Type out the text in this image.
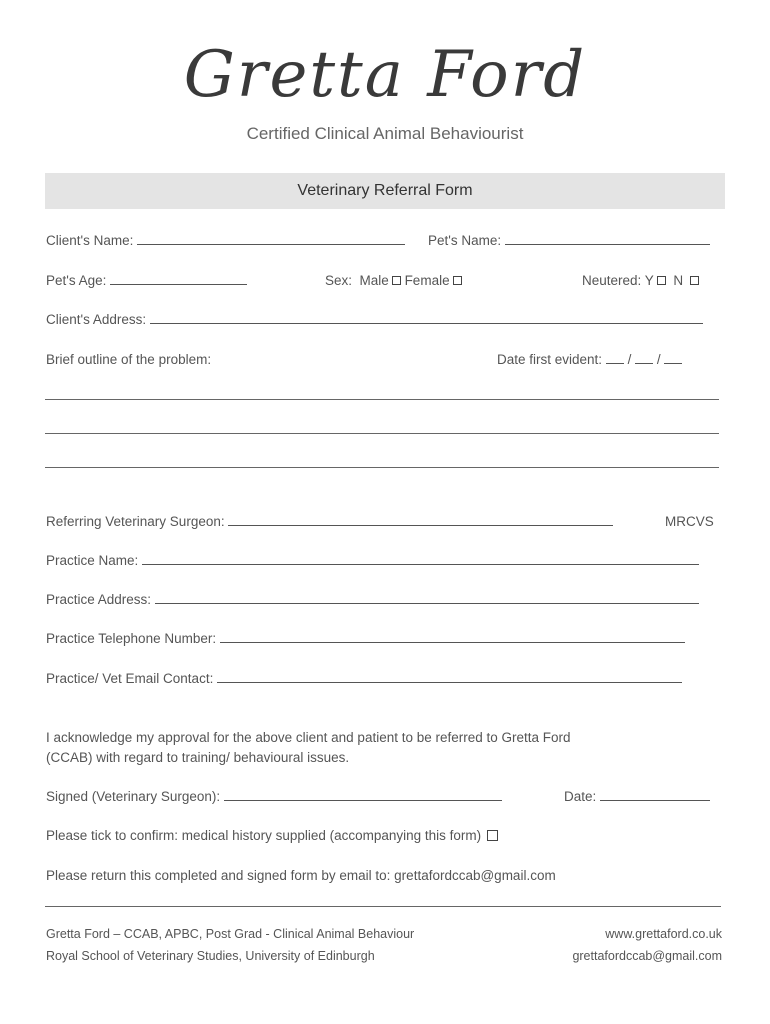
Gretta Ford
Certified Clinical Animal Behaviourist
Veterinary Referral Form
Client's Name:	Pet's Name:
Pet's Age:	Sex: Male Female	Neutered: Y N
Client's Address:
Brief outline of the problem:	Date first evident: / /
Referring Veterinary Surgeon:	MRCVS
Practice Name:
Practice Address:
Practice Telephone Number:
Practice/ Vet Email Contact:
I acknowledge my approval for the above client and patient to be referred to Gretta Ford
(CCAB) with regard to training/ behavioural issues.
Signed (Veterinary Surgeon):	Date:
Please tick to confirm: medical history supplied (accompanying this form)
Please return this completed and signed form by email to: grettafordccab@gmail.com
Gretta Ford – CCAB, APBC, Post Grad - Clinical Animal Behaviour
Royal School of Veterinary Studies, University of Edinburgh
www.grettaford.co.uk
grettafordccab@gmail.com
